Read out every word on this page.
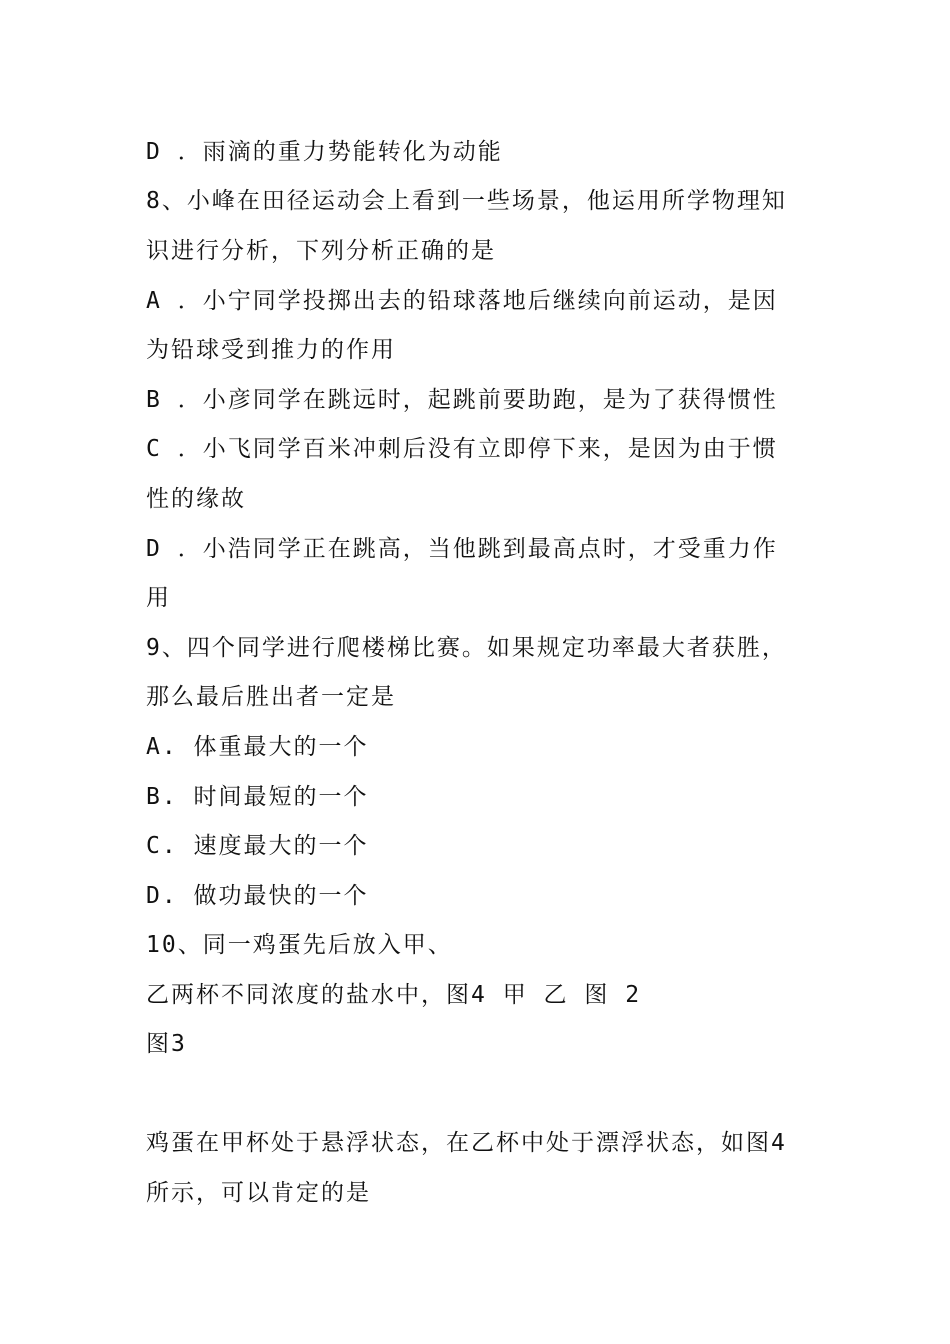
D ．雨滴的重力势能转化为动能
8、小峰在田径运动会上看到一些场景，他运用所学物理知
识进行分析，下列分析正确的是
A ．小宁同学投掷出去的铅球落地后继续向前运动，是因
为铅球受到推力的作用
B ．小彦同学在跳远时，起跳前要助跑，是为了获得惯性
C ．小飞同学百米冲刺后没有立即停下来，是因为由于惯
性的缘故
D ．小浩同学正在跳高，当他跳到最高点时，才受重力作
用
9、四个同学进行爬楼梯比赛。如果规定功率最大者获胜，
那么最后胜出者一定是
A. 体重最大的一个
B. 时间最短的一个
C. 速度最大的一个
D. 做功最快的一个
10、同一鸡蛋先后放入甲、
乙两杯不同浓度的盐水中，图4 甲 乙 图 2
图3
鸡蛋在甲杯处于悬浮状态，在乙杯中处于漂浮状态，如图4
所示，可以肯定的是
